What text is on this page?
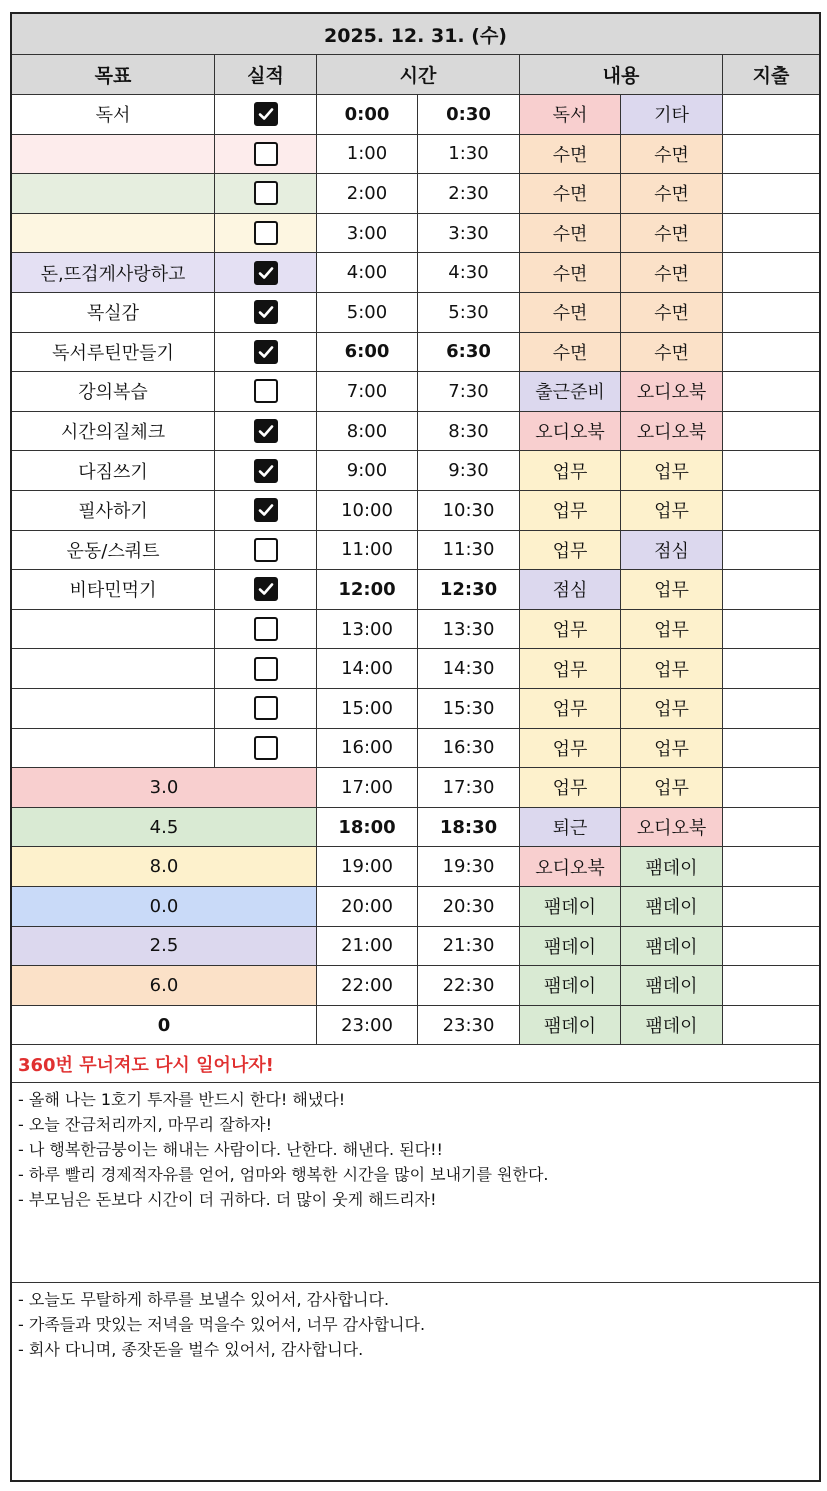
2025. 12. 31. (수)
목표	실적	시간	내용	지출
독서	0:00	0:30	독서	기타
1:00	1:30	수면	수면
2:00	2:30	수면	수면
3:00	3:30	수면	수면
돈,뜨겁게사랑하고	4:00	4:30	수면	수면
목실감	5:00	5:30	수면	수면
독서루틴만들기	6:00	6:30	수면	수면
강의복습	7:00	7:30	출근준비	오디오북
시간의질체크	8:00	8:30	오디오북	오디오북
다짐쓰기	9:00	9:30	업무	업무
필사하기	10:00	10:30	업무	업무
운동/스쿼트	11:00	11:30	업무	점심
비타민먹기	12:00	12:30	점심	업무
13:00	13:30	업무	업무
14:00	14:30	업무	업무
15:00	15:30	업무	업무
16:00	16:30	업무	업무
3.0	17:00	17:30	업무	업무
4.5	18:00	18:30	퇴근	오디오북
8.0	19:00	19:30	오디오북	팸데이
0.0	20:00	20:30	팸데이	팸데이
2.5	21:00	21:30	팸데이	팸데이
6.0	22:00	22:30	팸데이	팸데이
0	23:00	23:30	팸데이	팸데이
360번 무너져도 다시 일어나자!
- 올해 나는 1호기 투자를 반드시 한다! 해냈다!
- 오늘 잔금처리까지, 마무리 잘하자!
- 나 행복한금붕이는 해내는 사람이다. 난한다. 해낸다. 된다!!
- 하루 빨리 경제적자유를 얻어, 엄마와 행복한 시간을 많이 보내기를 원한다.
- 부모님은 돈보다 시간이 더 귀하다. 더 많이 웃게 해드리자!
- 오늘도 무탈하게 하루를 보낼수 있어서, 감사합니다.
- 가족들과 맛있는 저녁을 먹을수 있어서, 너무 감사합니다.
- 회사 다니며, 종잣돈을 벌수 있어서, 감사합니다.
